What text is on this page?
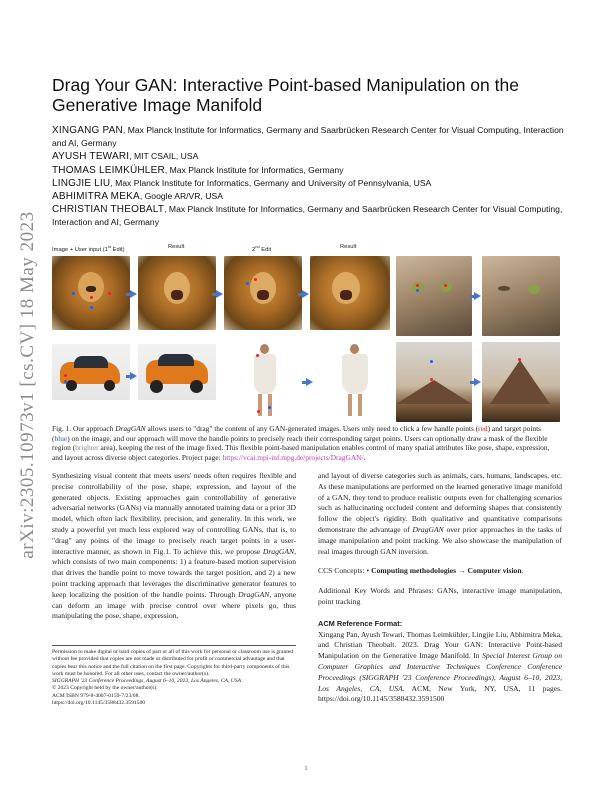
arXiv:2305.10973v1 [cs.CV] 18 May 2023
Drag Your GAN: Interactive Point-based Manipulation on the Generative Image Manifold
XINGANG PAN, Max Planck Institute for Informatics, Germany and Saarbrücken Research Center for Visual Computing, Interaction and AI, Germany
AYUSH TEWARI, MIT CSAIL, USA
THOMAS LEIMKÜHLER, Max Planck Institute for Informatics, Germany
LINGJIE LIU, Max Planck Institute for Informatics, Germany and University of Pennsylvania, USA
ABHIMITRA MEKA, Google AR/VR, USA
CHRISTIAN THEOBALT, Max Planck Institute for Informatics, Germany and Saarbrücken Research Center for Visual Computing, Interaction and AI, Germany
Image + User input (1st Edit)	Result	2nd Edit	Result
Fig. 1. Our approach DragGAN allows users to "drag" the content of any GAN-generated images. Users only need to click a few handle points (red) and target points (blue) on the image, and our approach will move the handle points to precisely reach their corresponding target points. Users can optionally draw a mask of the flexible region (brighter area), keeping the rest of the image fixed. This flexible point-based manipulation enables control of many spatial attributes like pose, shape, expression, and layout across diverse object categories. Project page: https://vcai.mpi-inf.mpg.de/projects/DragGAN/.

Synthesizing visual content that meets users' needs often requires flexible and precise controllability of the pose, shape, expression, and layout of the generated objects. Existing approaches gain controllability of generative adversarial networks (GANs) via manually annotated training data or a prior 3D model, which often lack flexibility, precision, and generality. In this work, we study a powerful yet much less explored way of controlling GANs, that is, to "drag" any points of the image to precisely reach target points in a user-interactive manner, as shown in Fig.1. To achieve this, we propose DragGAN, which consists of two main components: 1) a feature-based motion supervision that drives the handle point to move towards the target position, and 2) a new point tracking approach that leverages the discriminative generator features to keep localizing the position of the handle points. Through DragGAN, anyone can deform an image with precise control over where pixels go, thus manipulating the pose, shape, expression,

and layout of diverse categories such as animals, cars, humans, landscapes, etc. As these manipulations are performed on the learned generative image manifold of a GAN, they tend to produce realistic outputs even for challenging scenarios such as hallucinating occluded content and deforming shapes that consistently follow the object's rigidity. Both qualitative and quantitative comparisons demonstrate the advantage of DragGAN over prior approaches in the tasks of image manipulation and point tracking. We also showcase the manipulation of real images through GAN inversion.

CCS Concepts: • Computing methodologies → Computer vision.

Additional Key Words and Phrases: GANs, interactive image manipulation, point tracking

ACM Reference Format:

Xingang Pan, Ayush Tewari, Thomas Leimkühler, Lingjie Liu, Abhimitra Meka, and Christian Theobalt. 2023. Drag Your GAN: Interactive Point-based Manipulation on the Generative Image Manifold. In Special Interest Group on Computer Graphics and Interactive Techniques Conference Conference Proceedings (SIGGRAPH '23 Conference Proceedings), August 6–10, 2023, Los Angeles, CA, USA. ACM, New York, NY, USA, 11 pages. https://doi.org/10.1145/3588432.3591500

Permission to make digital or hard copies of part or all of this work for personal or classroom use is granted without fee provided that copies are not made or distributed for profit or commercial advantage and that copies bear this notice and the full citation on the first page. Copyrights for third-party components of this work must be honored. For all other uses, contact the owner/author(s).
SIGGRAPH '23 Conference Proceedings, August 6–10, 2023, Los Angeles, CA, USA
© 2023 Copyright held by the owner/author(s).
ACM ISBN 979-8-4007-0159-7/23/08.
https://doi.org/10.1145/3588432.3591500
1
